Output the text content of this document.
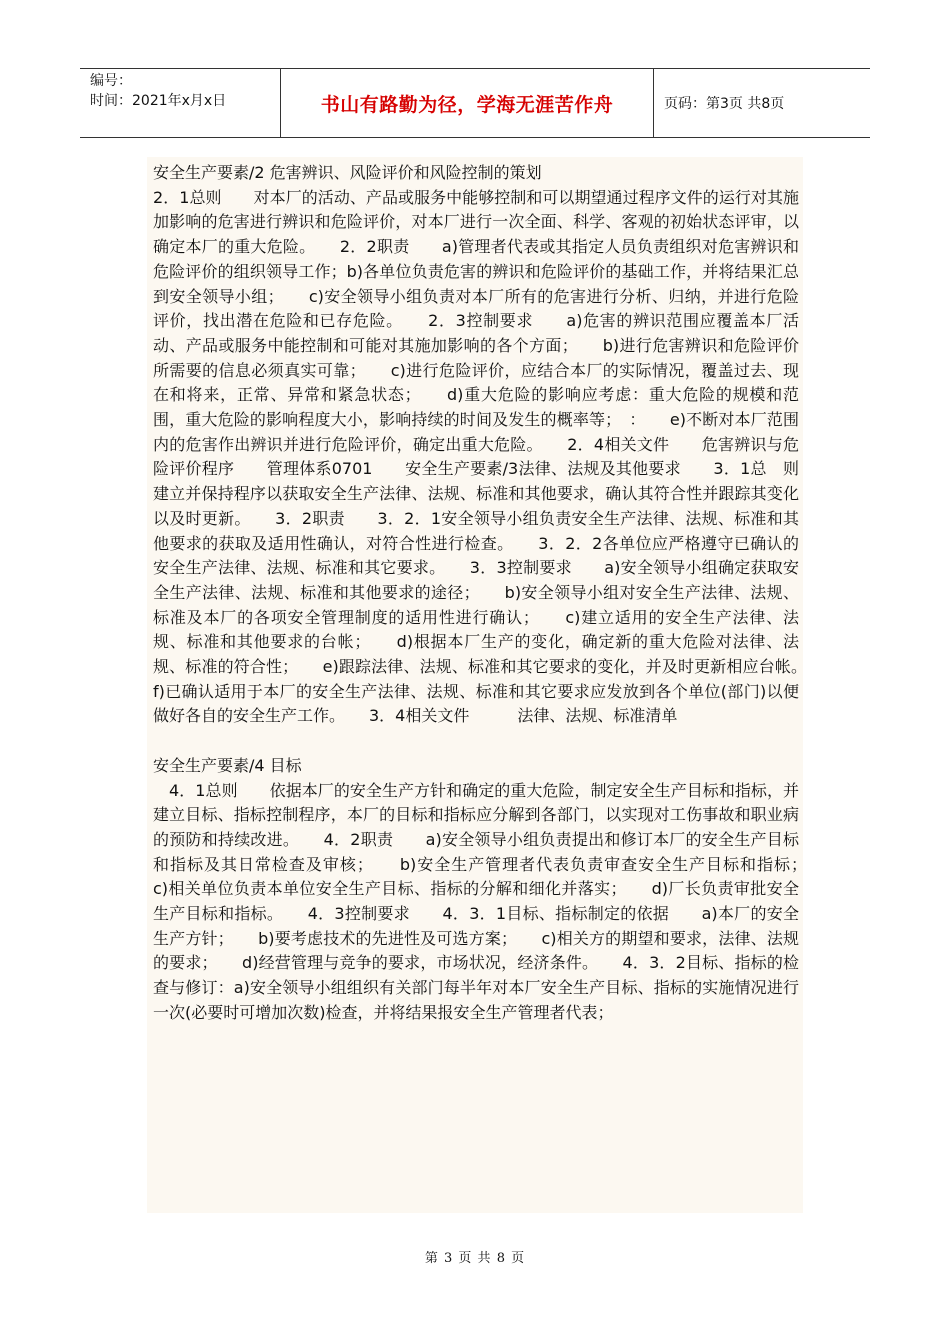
编号：
时间：2021年x月x日	书山有路勤为径，学海无涯苦作舟	页码：第3页 共8页

安全生产要素/2 危害辨识、风险评价和风险控制的策划

2．1总则　　对本厂的活动、产品或服务中能够控制和可以期望通过程序文件的运行对其施加影响的危害进行辨识和危险评价，对本厂进行一次全面、科学、客观的初始状态评审，以确定本厂的重大危险。　　2．2职责　　a)管理者代表或其指定人员负责组织对危害辨识和危险评价的组织领导工作；b)各单位负责危害的辨识和危险评价的基础工作，并将结果汇总到安全领导小组；　　c)安全领导小组负责对本厂所有的危害进行分析、归纳，并进行危险评价，找出潜在危险和已存危险。　　2．3控制要求　　a)危害的辨识范围应覆盖本厂活动、产品或服务中能控制和可能对其施加影响的各个方面；　　b)进行危害辨识和危险评价所需要的信息必须真实可靠；　　c)进行危险评价，应结合本厂的实际情况，覆盖过去、现在和将来，正常、异常和紧急状态；　　d)重大危险的影响应考虑：重大危险的规模和范围，重大危险的影响程度大小，影响持续的时间及发生的概率等；　：　　e)不断对本厂范围内的危害作出辨识并进行危险评价，确定出重大危险。　　2．4相关文件　　危害辨识与危险评价程序　　管理体系0701　　安全生产要素/3法律、法规及其他要求　　3．1总　则　　建立并保持程序以获取安全生产法律、法规、标准和其他要求，确认其符合性并跟踪其变化以及时更新。　　3．2职责　　3．2．1安全领导小组负责安全生产法律、法规、标准和其他要求的获取及适用性确认，对符合性进行检查。　　3．2．2各单位应严格遵守已确认的安全生产法律、法规、标准和其它要求。　　3．3控制要求　　a)安全领导小组确定获取安全生产法律、法规、标准和其他要求的途径；　　b)安全领导小组对安全生产法律、法规、标准及本厂的各项安全管理制度的适用性进行确认；　　c)建立适用的安全生产法律、法规、标准和其他要求的台帐；　　d)根据本厂生产的变化，确定新的重大危险对法律、法规、标准的符合性；　　e)跟踪法律、法规、标准和其它要求的变化，并及时更新相应台帐。　　f)已确认适用于本厂的安全生产法律、法规、标准和其它要求应发放到各个单位(部门)以便做好各自的安全生产工作。　　3．4相关文件　　　法律、法规、标准清单

安全生产要素/4 目标

　4．1总则　　依据本厂的安全生产方针和确定的重大危险，制定安全生产目标和指标，并建立目标、指标控制程序，本厂的目标和指标应分解到各部门，以实现对工伤事故和职业病的预防和持续改进。　　4．2职责　　a)安全领导小组负责提出和修订本厂的安全生产目标和指标及其日常检查及审核；　　b)安全生产管理者代表负责审查安全生产目标和指标；　　c)相关单位负责本单位安全生产目标、指标的分解和细化并落实；　　d)厂长负责审批安全生产目标和指标。　　4．3控制要求　　4．3．1目标、指标制定的依据　　a)本厂的安全生产方针；　　b)要考虑技术的先进性及可选方案；　　c)相关方的期望和要求，法律、法规的要求；　　d)经营管理与竞争的要求，市场状况，经济条件。　　4．3．2目标、指标的检查与修订：a)安全领导小组组织有关部门每半年对本厂安全生产目标、指标的实施情况进行一次(必要时可增加次数)检查，并将结果报安全生产管理者代表；

第 3 页 共 8 页
